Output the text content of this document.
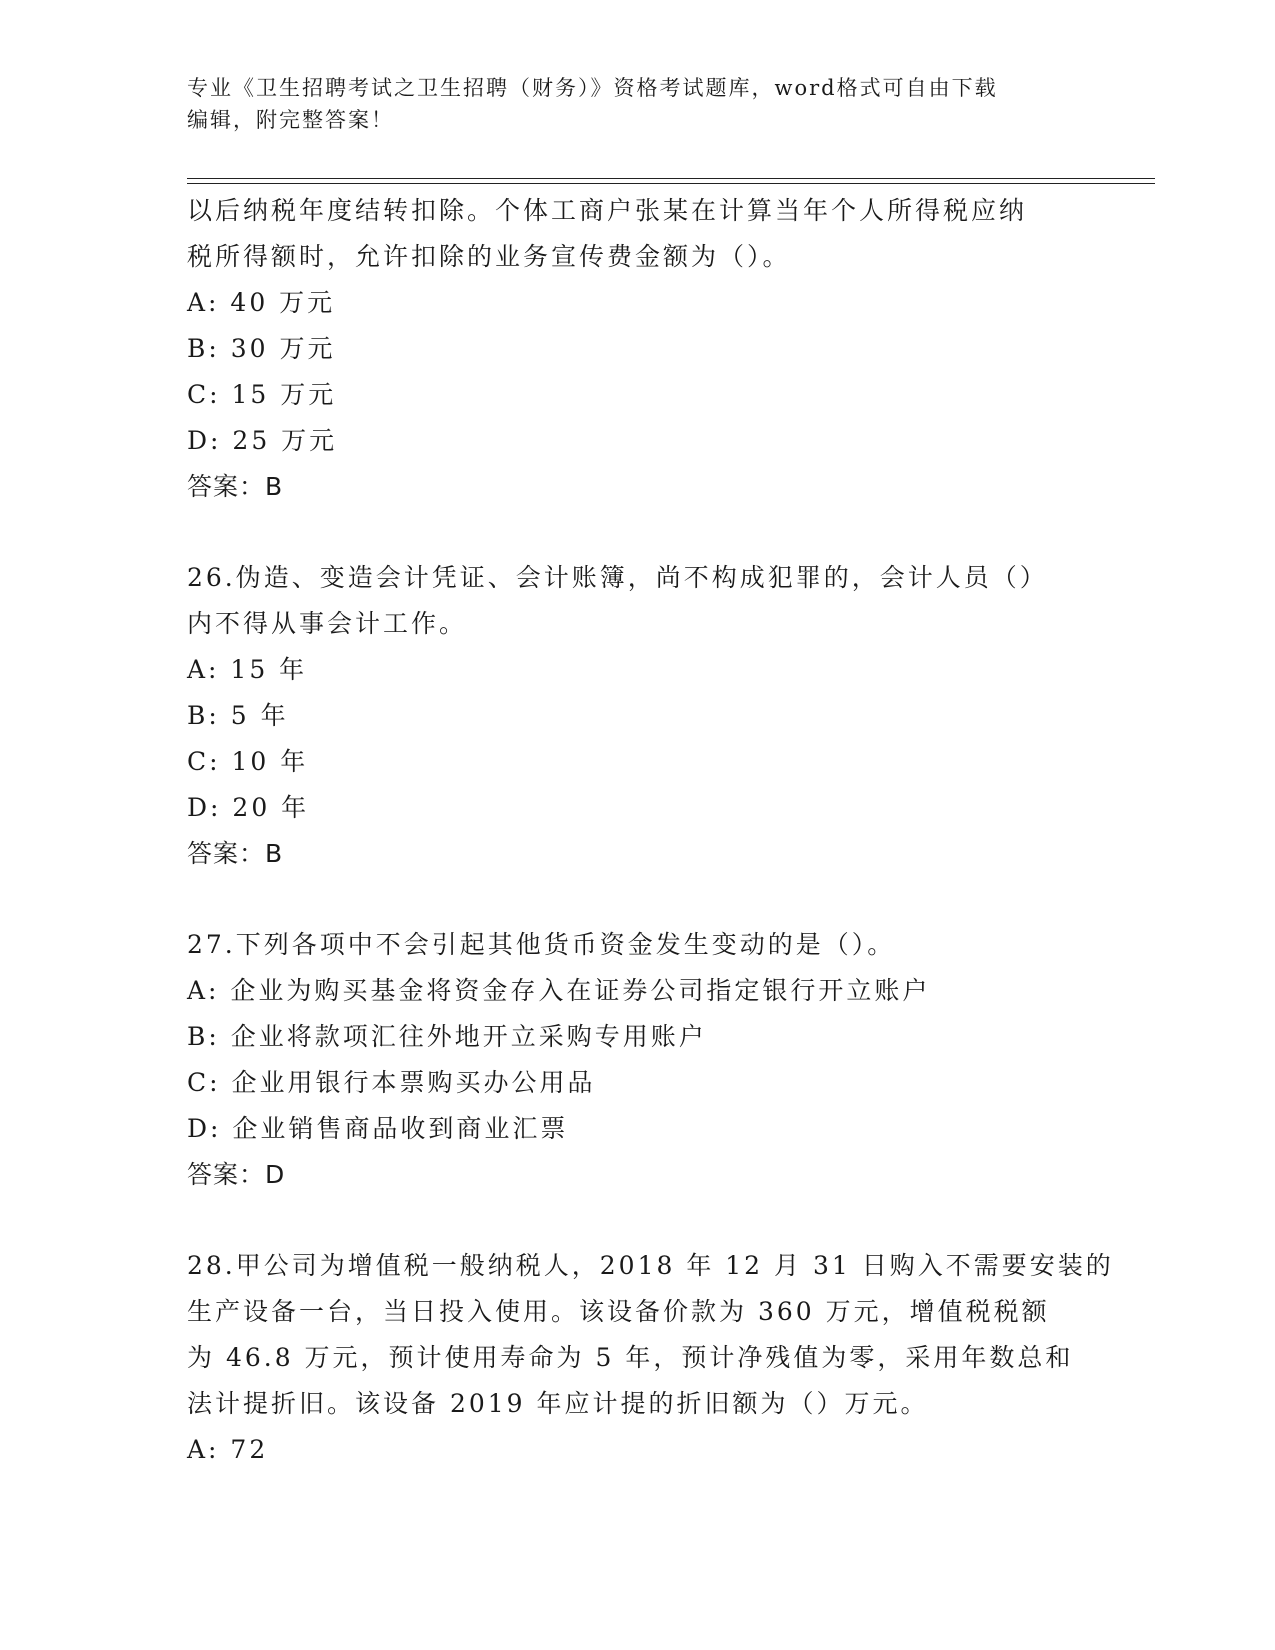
专业《卫生招聘考试之卫生招聘（财务）》资格考试题库，word格式可自由下载
编辑，附完整答案！
以后纳税年度结转扣除。个体工商户张某在计算当年个人所得税应纳
税所得额时，允许扣除的业务宣传费金额为（）。
A: 40 万元
B: 30 万元
C: 15 万元
D: 25 万元
答案：B
26.伪造、变造会计凭证、会计账簿，尚不构成犯罪的，会计人员（）
内不得从事会计工作。
A: 15 年
B: 5 年
C: 10 年
D: 20 年
答案：B
27.下列各项中不会引起其他货币资金发生变动的是（）。
A: 企业为购买基金将资金存入在证券公司指定银行开立账户
B: 企业将款项汇往外地开立采购专用账户
C: 企业用银行本票购买办公用品
D: 企业销售商品收到商业汇票
答案：D
28.甲公司为增值税一般纳税人，2018 年 12 月 31 日购入不需要安装的
生产设备一台，当日投入使用。该设备价款为 360 万元，增值税税额
为 46.8 万元，预计使用寿命为 5 年，预计净残值为零，采用年数总和
法计提折旧。该设备 2019 年应计提的折旧额为（）万元。
A: 72
